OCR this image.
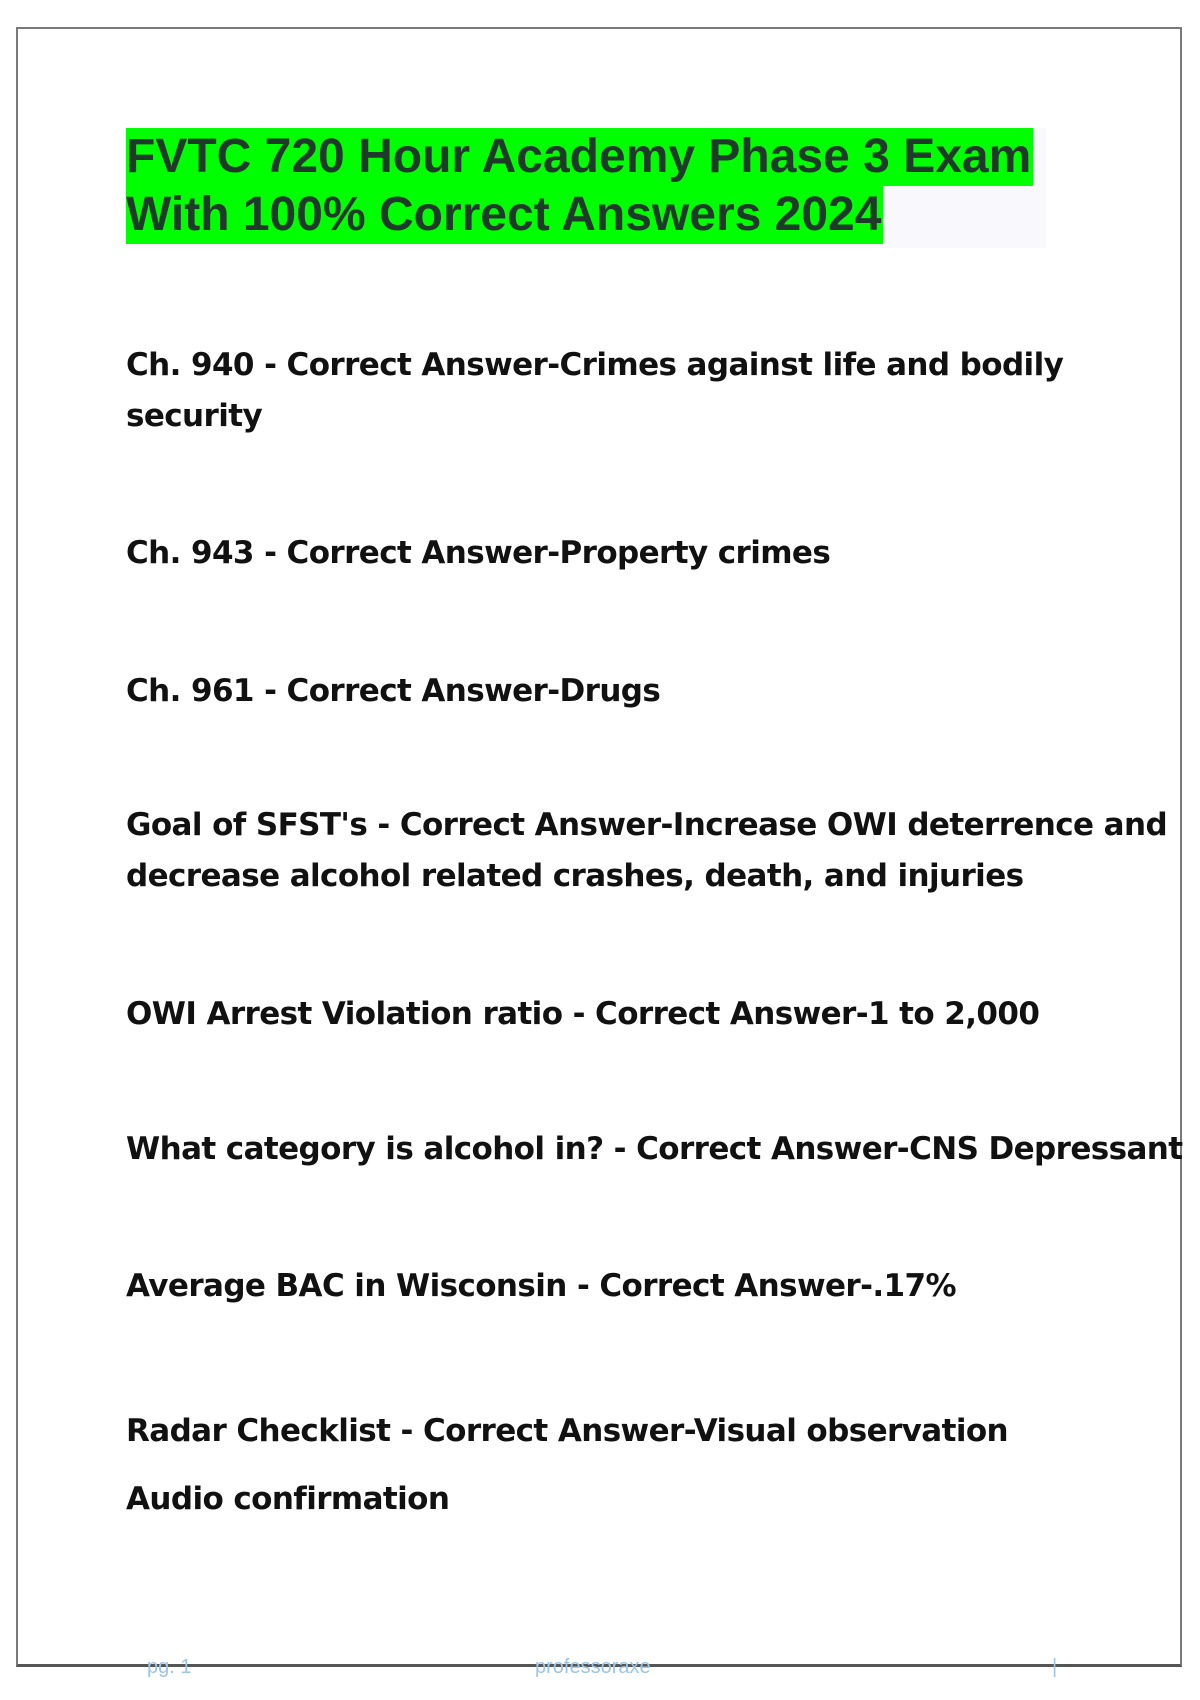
FVTC 720 Hour Academy Phase 3 Exam
With 100% Correct Answers 2024
Ch. 940 - Correct Answer-Crimes against life and bodily
security
Ch. 943 - Correct Answer-Property crimes
Ch. 961 - Correct Answer-Drugs
Goal of SFST's - Correct Answer-Increase OWI deterrence and
decrease alcohol related crashes, death, and injuries
OWI Arrest Violation ratio - Correct Answer-1 to 2,000
What category is alcohol in? - Correct Answer-CNS Depressant
Average BAC in Wisconsin - Correct Answer-.17%
Radar Checklist - Correct Answer-Visual observation
Audio confirmation
pg. 1	professoraxe	|
